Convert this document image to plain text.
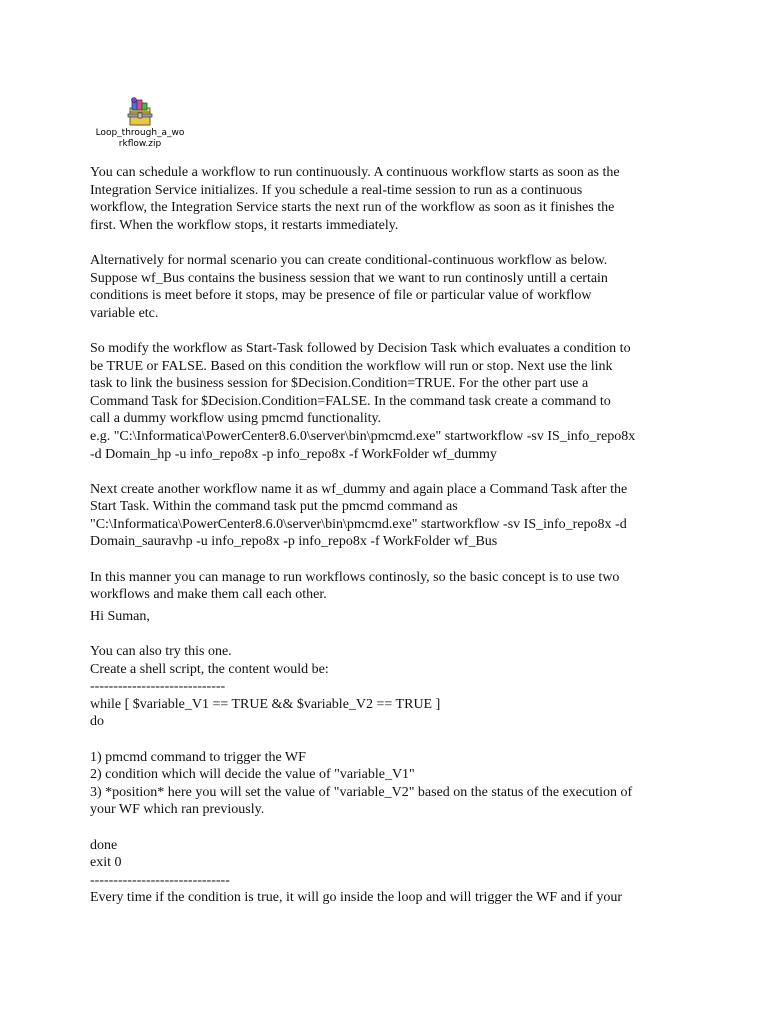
Loop_through_a_wo
rkflow.zip
You can schedule a workflow to run continuously. A continuous workflow starts as soon as the
Integration Service initializes. If you schedule a real-time session to run as a continuous
workflow, the Integration Service starts the next run of the workflow as soon as it finishes the
first. When the workflow stops, it restarts immediately.
Alternatively for normal scenario you can create conditional-continuous workflow as below.
Suppose wf_Bus contains the business session that we want to run continosly untill a certain
conditions is meet before it stops, may be presence of file or particular value of workflow
variable etc.
So modify the workflow as Start-Task followed by Decision Task which evaluates a condition to
be TRUE or FALSE. Based on this condition the workflow will run or stop. Next use the link
task to link the business session for $Decision.Condition=TRUE. For the other part use a
Command Task for $Decision.Condition=FALSE. In the command task create a command to
call a dummy workflow using pmcmd functionality.
e.g. "C:\Informatica\PowerCenter8.6.0\server\bin\pmcmd.exe" startworkflow -sv IS_info_repo8x
-d Domain_hp -u info_repo8x -p info_repo8x -f WorkFolder wf_dummy
Next create another workflow name it as wf_dummy and again place a Command Task after the
Start Task. Within the command task put the pmcmd command as
"C:\Informatica\PowerCenter8.6.0\server\bin\pmcmd.exe" startworkflow -sv IS_info_repo8x -d
Domain_sauravhp -u info_repo8x -p info_repo8x -f WorkFolder wf_Bus
In this manner you can manage to run workflows continosly, so the basic concept is to use two
workflows and make them call each other.
Hi Suman,
You can also try this one.
Create a shell script, the content would be:
-----------------------------
while [ $variable_V1 == TRUE && $variable_V2 == TRUE ]
do
1) pmcmd command to trigger the WF
2) condition which will decide the value of "variable_V1"
3) *position* here you will set the value of "variable_V2" based on the status of the execution of
your WF which ran previously.
done
exit 0
------------------------------
Every time if the condition is true, it will go inside the loop and will trigger the WF and if your
